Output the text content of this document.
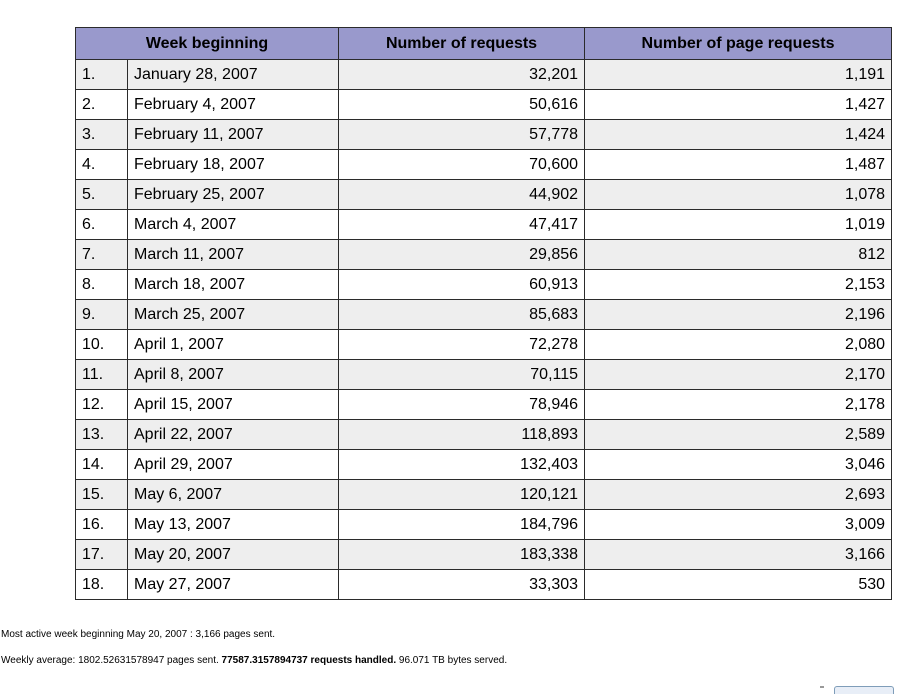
Week beginning		Number of requests	Number of page requests
1.	January 28, 2007	32,201	1,191
2.	February 4, 2007	50,616	1,427
3.	February 11, 2007	57,778	1,424
4.	February 18, 2007	70,600	1,487
5.	February 25, 2007	44,902	1,078
6.	March 4, 2007	47,417	1,019
7.	March 11, 2007	29,856	812
8.	March 18, 2007	60,913	2,153
9.	March 25, 2007	85,683	2,196
10.	April 1, 2007	72,278	2,080
11.	April 8, 2007	70,115	2,170
12.	April 15, 2007	78,946	2,178
13.	April 22, 2007	118,893	2,589
14.	April 29, 2007	132,403	3,046
15.	May 6, 2007	120,121	2,693
16.	May 13, 2007	184,796	3,009
17.	May 20, 2007	183,338	3,166
18.	May 27, 2007	33,303	530
Most active week beginning May 20, 2007 : 3,166 pages sent.
Weekly average: 1802.52631578947 pages sent. 77587.3157894737 requests handled. 96.071 TB bytes served.
